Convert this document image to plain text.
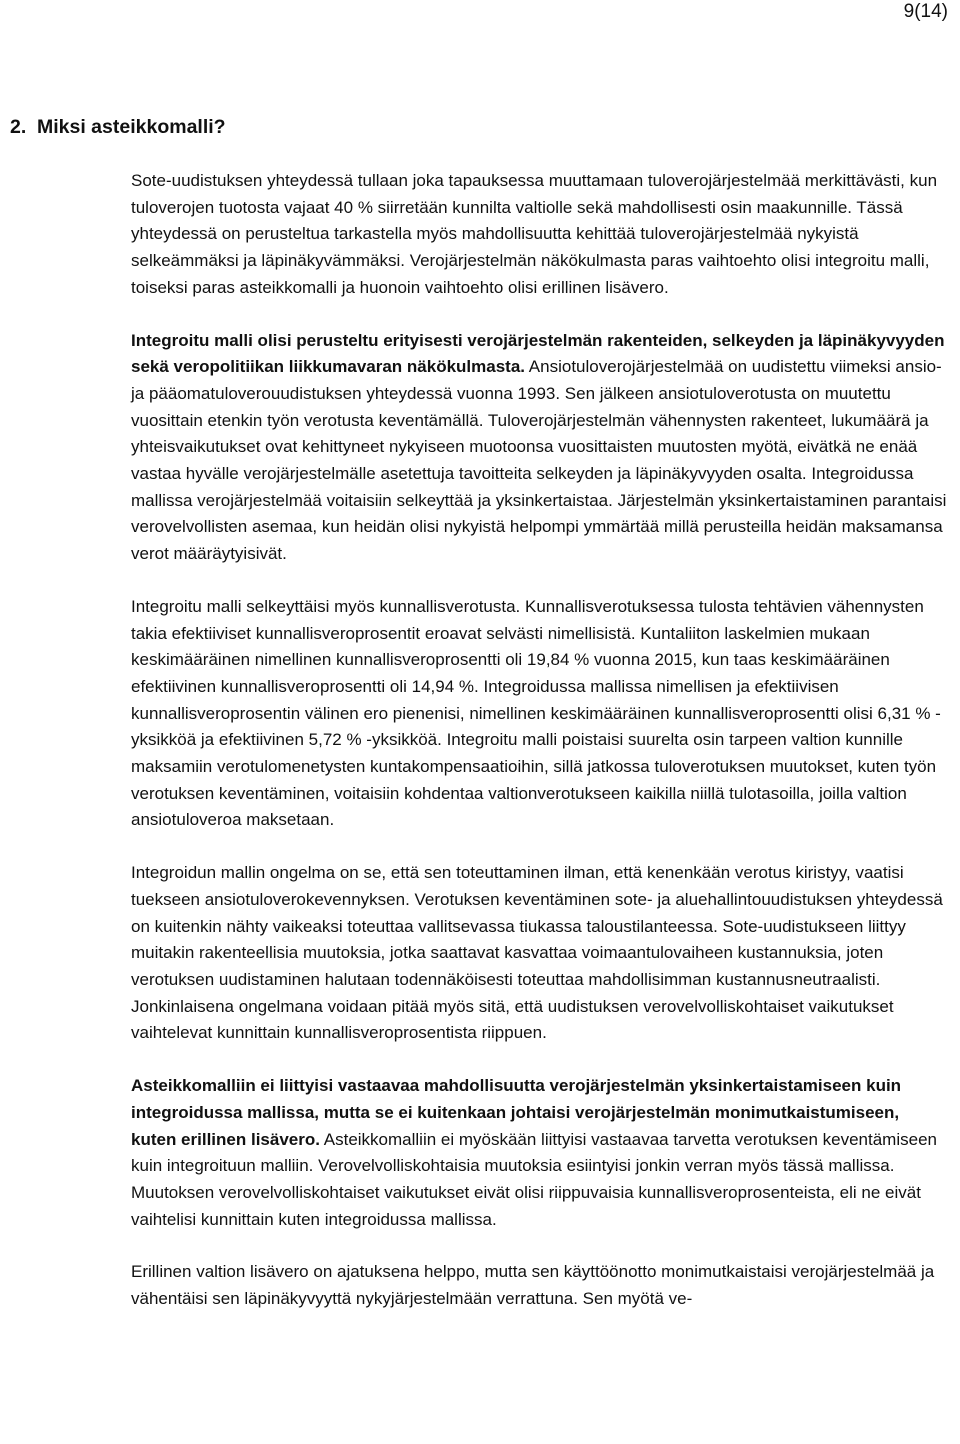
9(14)
2. Miksi asteikkomalli?

Sote-uudistuksen yhteydessä tullaan joka tapauksessa muuttamaan tuloverojärjestelmää merkittävästi, kun tuloverojen tuotosta vajaat 40 % siirretään kunnilta valtiolle sekä mahdollisesti osin maakunnille. Tässä yhteydessä on perusteltua tarkastella myös mahdollisuutta kehittää tuloverojärjestelmää nykyistä selkeämmäksi ja läpinäkyvämmäksi. Verojärjestelmän näkökulmasta paras vaihtoehto olisi integroitu malli, toiseksi paras asteikkomalli ja huonoin vaihtoehto olisi erillinen lisävero.

Integroitu malli olisi perusteltu erityisesti verojärjestelmän rakenteiden, selkeyden ja läpinäkyvyyden sekä veropolitiikan liikkumavaran näkökulmasta. Ansiotuloverojärjestelmää on uudistettu viimeksi ansio- ja pääomatuloverouudistuksen yhteydessä vuonna 1993. Sen jälkeen ansiotuloverotusta on muutettu vuosittain etenkin työn verotusta keventämällä. Tuloverojärjestelmän vähennysten rakenteet, lukumäärä ja yhteisvaikutukset ovat kehittyneet nykyiseen muotoonsa vuosittaisten muutosten myötä, eivätkä ne enää vastaa hyvälle verojärjestelmälle asetettuja tavoitteita selkeyden ja läpinäkyvyyden osalta. Integroidussa mallissa verojärjestelmää voitaisiin selkeyttää ja yksinkertaistaa. Järjestelmän yksinkertaistaminen parantaisi verovelvollisten asemaa, kun heidän olisi nykyistä helpompi ymmärtää millä perusteilla heidän maksamansa verot määräytyisivät.

Integroitu malli selkeyttäisi myös kunnallisverotusta. Kunnallisverotuksessa tulosta tehtävien vähennysten takia efektiiviset kunnallisveroprosentit eroavat selvästi nimellisistä. Kuntaliiton laskelmien mukaan keskimääräinen nimellinen kunnallisveroprosentti oli 19,84 % vuonna 2015, kun taas keskimääräinen efektiivinen kunnallisveroprosentti oli 14,94 %. Integroidussa mallissa nimellisen ja efektiivisen kunnallisveroprosentin välinen ero pienenisi, nimellinen keskimääräinen kunnallisveroprosentti olisi 6,31 % -yksikköä ja efektiivinen 5,72 % -yksikköä. Integroitu malli poistaisi suurelta osin tarpeen valtion kunnille maksamiin verotulomenetysten kuntakompensaatioihin, sillä jatkossa tuloverotuksen muutokset, kuten työn verotuksen keventäminen, voitaisiin kohdentaa valtionverotukseen kaikilla niillä tulotasoilla, joilla valtion ansiotuloveroa maksetaan.

Integroidun mallin ongelma on se, että sen toteuttaminen ilman, että kenenkään verotus kiristyy, vaatisi tuekseen ansiotuloverokevennyksen. Verotuksen keventäminen sote- ja aluehallintouudistuksen yhteydessä on kuitenkin nähty vaikeaksi toteuttaa vallitsevassa tiukassa taloustilanteessa. Sote-uudistukseen liittyy muitakin rakenteellisia muutoksia, jotka saattavat kasvattaa voimaantulovaiheen kustannuksia, joten verotuksen uudistaminen halutaan todennäköisesti toteuttaa mahdollisimman kustannusneutraalisti. Jonkinlaisena ongelmana voidaan pitää myös sitä, että uudistuksen verovelvolliskohtaiset vaikutukset vaihtelevat kunnittain kunnallisveroprosentista riippuen.

Asteikkomalliin ei liittyisi vastaavaa mahdollisuutta verojärjestelmän yksinkertaistamiseen kuin integroidussa mallissa, mutta se ei kuitenkaan johtaisi verojärjestelmän monimutkaistumiseen, kuten erillinen lisävero. Asteikkomalliin ei myöskään liittyisi vastaavaa tarvetta verotuksen keventämiseen kuin integroituun malliin. Verovelvolliskohtaisia muutoksia esiintyisi jonkin verran myös tässä mallissa. Muutoksen verovelvolliskohtaiset vaikutukset eivät olisi riippuvaisia kunnallisveroprosenteista, eli ne eivät vaihtelisi kunnittain kuten integroidussa mallissa.

Erillinen valtion lisävero on ajatuksena helppo, mutta sen käyttöönotto monimutkaistaisi verojärjestelmää ja vähentäisi sen läpinäkyvyyttä nykyjärjestelmään verrattuna. Sen myötä ve-
